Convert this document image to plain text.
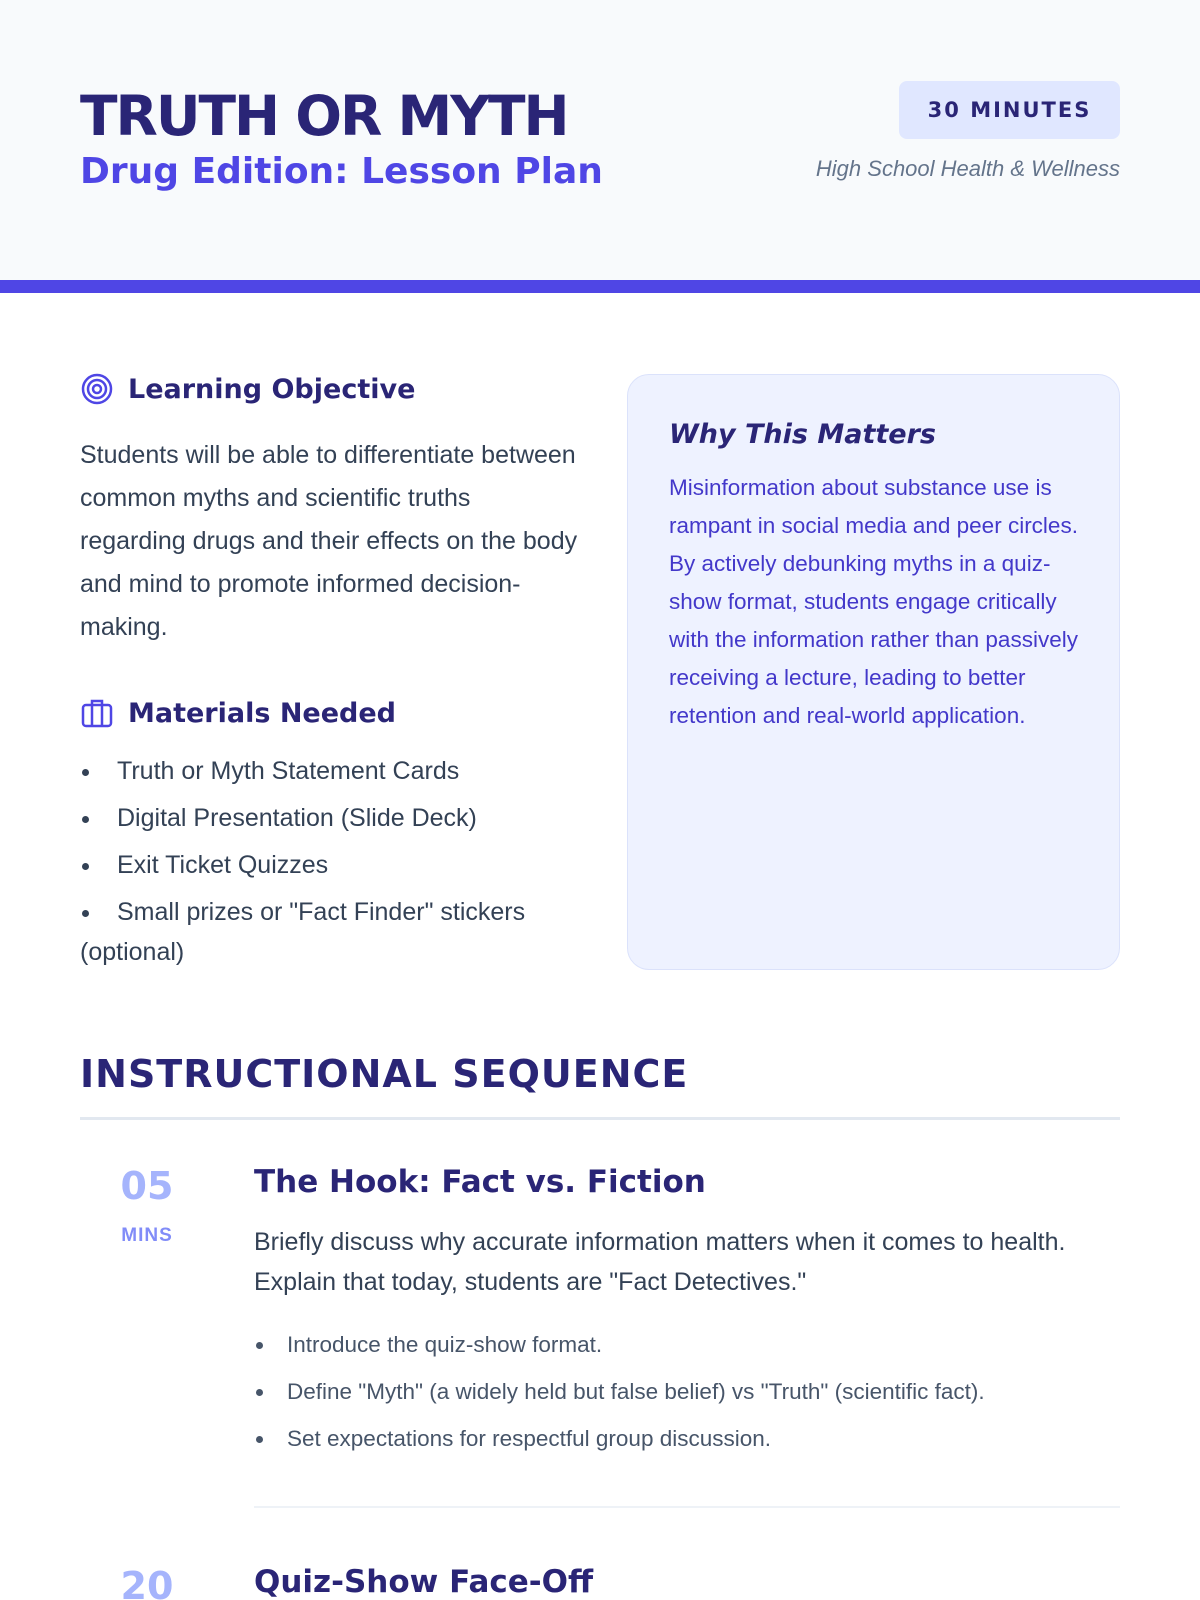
TRUTH OR MYTH
Drug Edition: Lesson Plan
30 MINUTES
High School Health & Wellness
Learning Objective
Students will be able to differentiate between common myths and scientific truths regarding drugs and their effects on the body and mind to promote informed decision-making.
Materials Needed
Truth or Myth Statement Cards
Digital Presentation (Slide Deck)
Exit Ticket Quizzes
Small prizes or "Fact Finder" stickers (optional)
Why This Matters
Misinformation about substance use is rampant in social media and peer circles. By actively debunking myths in a quiz-show format, students engage critically with the information rather than passively receiving a lecture, leading to better retention and real-world application.
INSTRUCTIONAL SEQUENCE
05
MINS
The Hook: Fact vs. Fiction
Briefly discuss why accurate information matters when it comes to health. Explain that today, students are "Fact Detectives."
Introduce the quiz-show format.
Define "Myth" (a widely held but false belief) vs "Truth" (scientific fact).
Set expectations for respectful group discussion.
20	Quiz-Show Face-Off
